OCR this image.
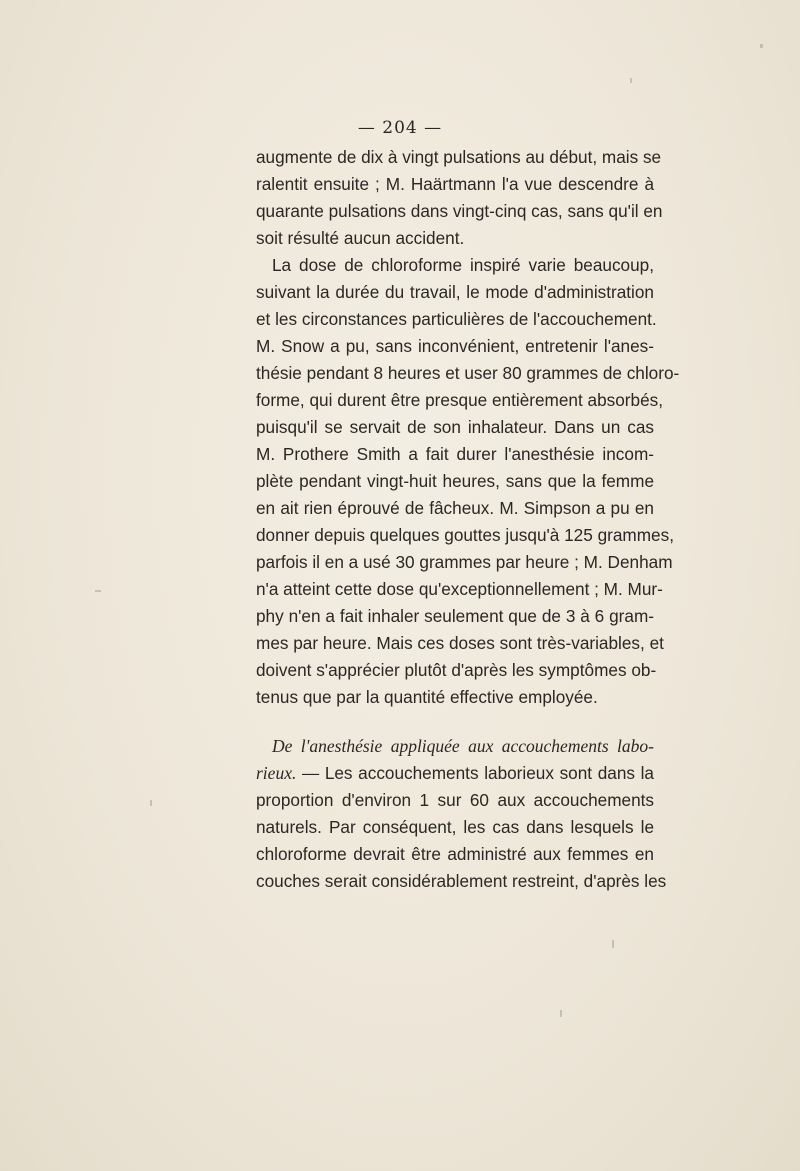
— 204 —

augmente de dix à vingt pulsations au début, mais se
ralentit ensuite ; M. Haärtmann l'a vue descendre à
quarante pulsations dans vingt-cinq cas, sans qu'il en
soit résulté aucun accident.
La dose de chloroforme inspiré varie beaucoup,
suivant la durée du travail, le mode d'administration
et les circonstances particulières de l'accouchement.
M. Snow a pu, sans inconvénient, entretenir l'anes-
thésie pendant 8 heures et user 80 grammes de chloro-
forme, qui durent être presque entièrement absorbés,
puisqu'il se servait de son inhalateur. Dans un cas
M. Prothere Smith a fait durer l'anesthésie incom-
plète pendant vingt-huit heures, sans que la femme
en ait rien éprouvé de fâcheux. M. Simpson a pu en
donner depuis quelques gouttes jusqu'à 125 grammes,
parfois il en a usé 30 grammes par heure ; M. Denham
n'a atteint cette dose qu'exceptionnellement ; M. Mur-
phy n'en a fait inhaler seulement que de 3 à 6 gram-
mes par heure. Mais ces doses sont très-variables, et
doivent s'apprécier plutôt d'après les symptômes ob-
tenus que par la quantité effective employée.
De l'anesthésie appliquée aux accouchements labo-
rieux. — Les accouchements laborieux sont dans la
proportion d'environ 1 sur 60 aux accouchements
naturels. Par conséquent, les cas dans lesquels le
chloroforme devrait être administré aux femmes en
couches serait considérablement restreint, d'après les
